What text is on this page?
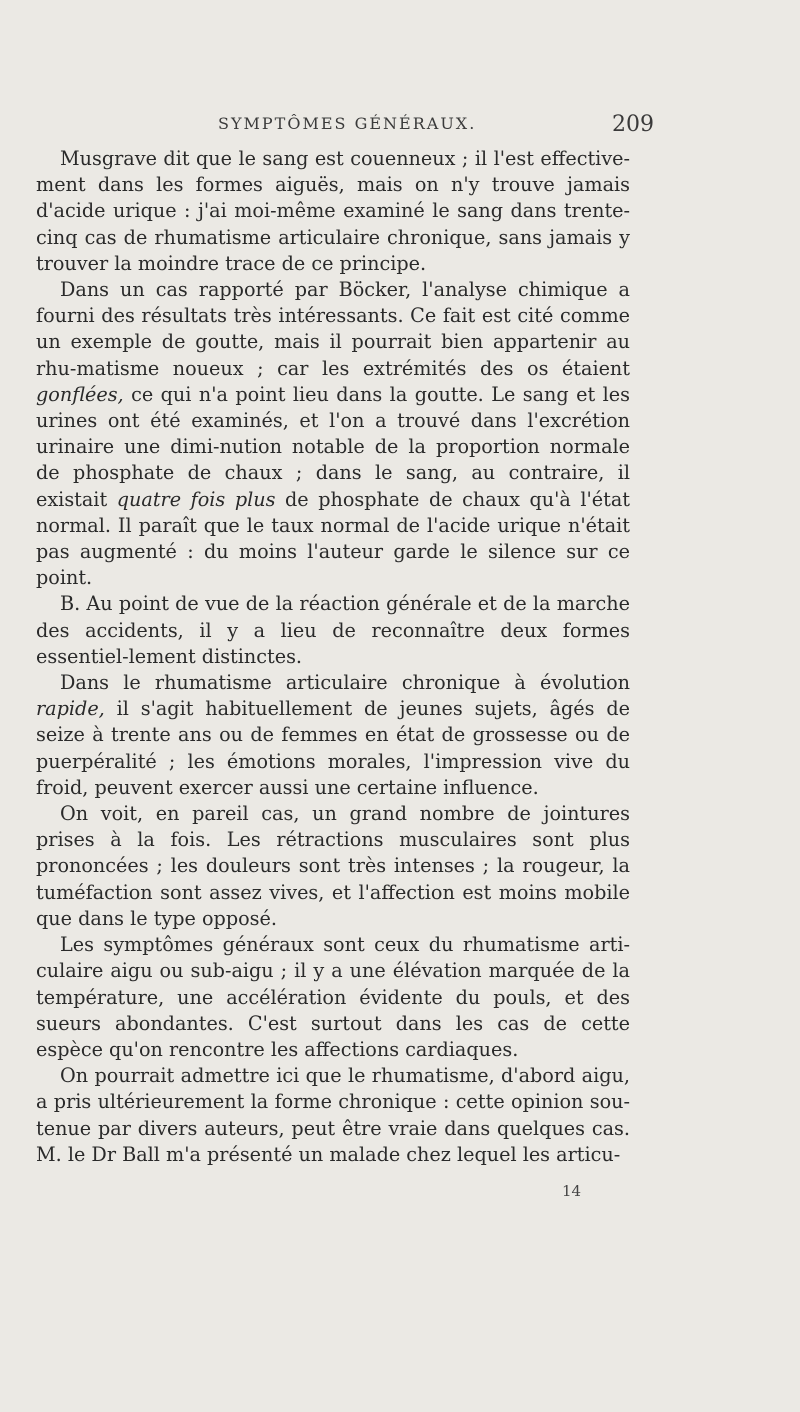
SYMPTÔMES GÉNÉRAUX.	209

Musgrave dit que le sang est couenneux ; il l'est effective-ment dans les formes aiguës, mais on n'y trouve jamais d'acide urique : j'ai moi-même examiné le sang dans trente-cinq cas de rhumatisme articulaire chronique, sans jamais y trouver la moindre trace de ce principe.

Dans un cas rapporté par Böcker, l'analyse chimique a fourni des résultats très intéressants. Ce fait est cité comme un exemple de goutte, mais il pourrait bien appartenir au rhu-matisme noueux ; car les extrémités des os étaient gonflées, ce qui n'a point lieu dans la goutte. Le sang et les urines ont été examinés, et l'on a trouvé dans l'excrétion urinaire une dimi-nution notable de la proportion normale de phosphate de chaux ; dans le sang, au contraire, il existait quatre fois plus de phosphate de chaux qu'à l'état normal. Il paraît que le taux normal de l'acide urique n'était pas augmenté : du moins l'auteur garde le silence sur ce point.

B. Au point de vue de la réaction générale et de la marche des accidents, il y a lieu de reconnaître deux formes essentiel-lement distinctes.

Dans le rhumatisme articulaire chronique à évolution rapide, il s'agit habituellement de jeunes sujets, âgés de seize à trente ans ou de femmes en état de grossesse ou de puerpéralité ; les émotions morales, l'impression vive du froid, peuvent exercer aussi une certaine influence.

On voit, en pareil cas, un grand nombre de jointures prises à la fois. Les rétractions musculaires sont plus prononcées ; les douleurs sont très intenses ; la rougeur, la tuméfaction sont assez vives, et l'affection est moins mobile que dans le type opposé.

Les symptômes généraux sont ceux du rhumatisme arti-culaire aigu ou sub-aigu ; il y a une élévation marquée de la température, une accélération évidente du pouls, et des sueurs abondantes. C'est surtout dans les cas de cette espèce qu'on rencontre les affections cardiaques.

On pourrait admettre ici que le rhumatisme, d'abord aigu, a pris ultérieurement la forme chronique : cette opinion sou-tenue par divers auteurs, peut être vraie dans quelques cas. M. le Dr Ball m'a présenté un malade chez lequel les articu-

14
